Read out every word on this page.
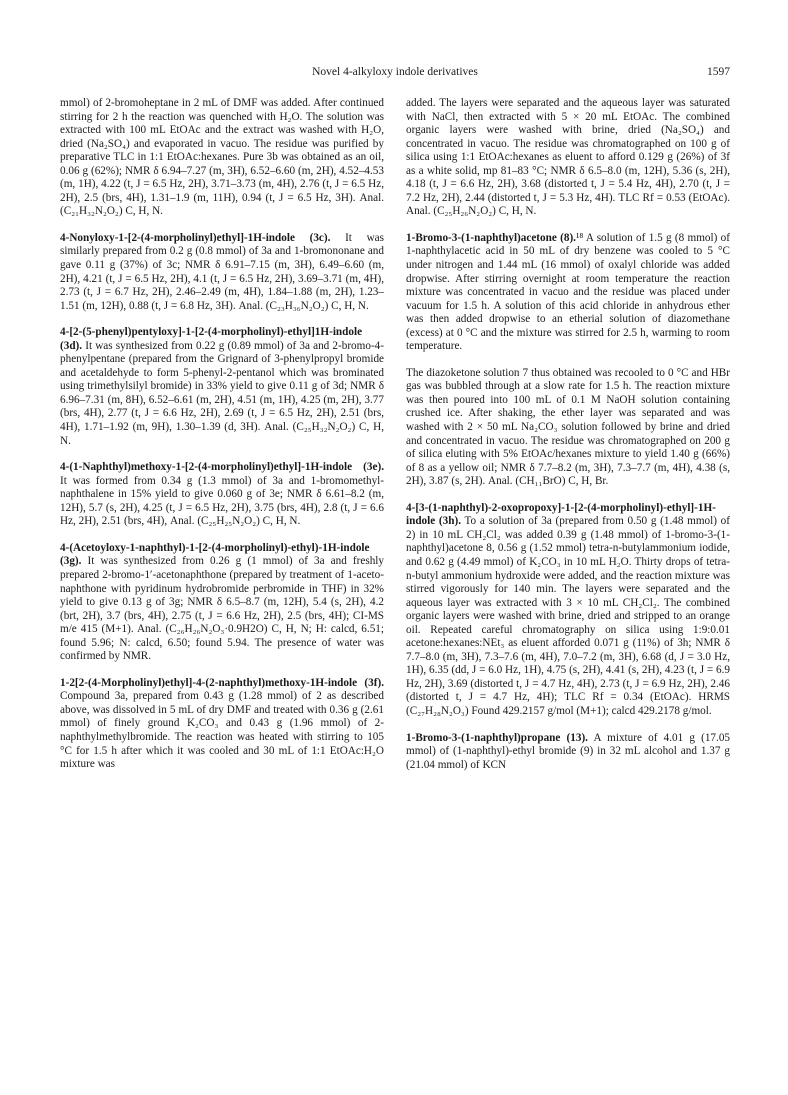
Novel 4-alkyloxy indole derivatives	1597

mmol) of 2-bromoheptane in 2 mL of DMF was added. After continued stirring for 2 h the reaction was quenched with H₂O. The solution was extracted with 100 mL EtOAc and the extract was washed with H₂O, dried (Na₂SO₄) and evaporated in vacuo. The residue was purified by preparative TLC in 1:1 EtOAc:hexanes. Pure 3b was obtained as an oil, 0.06 g (62%); NMR δ 6.94–7.27 (m, 3H), 6.52–6.60 (m, 2H), 4.52–4.53 (m, 1H), 4.22 (t, J = 6.5 Hz, 2H), 3.71–3.73 (m, 4H), 2.76 (t, J = 6.5 Hz, 2H), 2.5 (brs, 4H), 1.31–1.9 (m, 11H), 0.94 (t, J = 6.5 Hz, 3H). Anal. (C₂₁H₃₂N₂O₂) C, H, N.

4-Nonyloxy-1-[2-(4-morpholinyl)ethyl]-1H-indole (3c). It was similarly prepared from 0.2 g (0.8 mmol) of 3a and 1-bromononane and gave 0.11 g (37%) of 3c; NMR δ 6.91–7.15 (m, 3H), 6.49–6.60 (m, 2H), 4.21 (t, J = 6.5 Hz, 2H), 4.1 (t, J = 6.5 Hz, 2H), 3.69–3.71 (m, 4H), 2.73 (t, J = 6.7 Hz, 2H), 2.46–2.49 (m, 4H), 1.84–1.88 (m, 2H), 1.23–1.51 (m, 12H), 0.88 (t, J = 6.8 Hz, 3H). Anal. (C₂₃H₃₆N₂O₂) C, H, N.

4-[2-(5-phenyl)pentyloxy]-1-[2-(4-morpholinyl)-ethyl]1H-indole (3d). It was synthesized from 0.22 g (0.89 mmol) of 3a and 2-bromo-4-phenylpentane (prepared from the Grignard of 3-phenylpropyl bromide and acetaldehyde to form 5-phenyl-2-pentanol which was brominated using trimethylsilyl bromide) in 33% yield to give 0.11 g of 3d; NMR δ 6.96–7.31 (m, 8H), 6.52–6.61 (m, 2H), 4.51 (m, 1H), 4.25 (m, 2H), 3.77 (brs, 4H), 2.77 (t, J = 6.6 Hz, 2H), 2.69 (t, J = 6.5 Hz, 2H), 2.51 (brs, 4H), 1.71–1.92 (m, 9H), 1.30–1.39 (d, 3H). Anal. (C₂₅H₃₂N₂O₂) C, H, N.

4-(1-Naphthyl)methoxy-1-[2-(4-morpholinyl)ethyl]-1H-indole (3e). It was formed from 0.34 g (1.3 mmol) of 3a and 1-bromomethyl-naphthalene in 15% yield to give 0.060 g of 3e; NMR δ 6.61–8.2 (m, 12H), 5.7 (s, 2H), 4.25 (t, J = 6.5 Hz, 2H), 3.75 (brs, 4H), 2.8 (t, J = 6.6 Hz, 2H), 2.51 (brs, 4H), Anal. (C₂₅H₂₅N₂O₂) C, H, N.

4-(Acetoyloxy-1-naphthyl)-1-[2-(4-morpholinyl)-ethyl)-1H-indole (3g). It was synthesized from 0.26 g (1 mmol) of 3a and freshly prepared 2-bromo-1′-acetonaphthone (prepared by treatment of 1-aceto-naphthone with pyridinum hydrobromide perbromide in THF) in 32% yield to give 0.13 g of 3g; NMR δ 6.5–8.7 (m, 12H), 5.4 (s, 2H), 4.2 (brt, 2H), 3.7 (brs, 4H), 2.75 (t, J = 6.6 Hz, 2H), 2.5 (brs, 4H); CI-MS m/e 415 (M+1). Anal. (C₂₆H₂₆N₂O₃·0.9H2O) C, H, N; H: calcd, 6.51; found 5.96; N: calcd, 6.50; found 5.94. The presence of water was confirmed by NMR.

1-2[2-(4-Morpholinyl)ethyl]-4-(2-naphthyl)methoxy-1H-indole (3f). Compound 3a, prepared from 0.43 g (1.28 mmol) of 2 as described above, was dissolved in 5 mL of dry DMF and treated with 0.36 g (2.61 mmol) of finely ground K₂CO₃ and 0.43 g (1.96 mmol) of 2-naphthylmethylbromide. The reaction was heated with stirring to 105 °C for 1.5 h after which it was cooled and 30 mL of 1:1 EtOAc:H₂O mixture was

added. The layers were separated and the aqueous layer was saturated with NaCl, then extracted with 5 × 20 mL EtOAc. The combined organic layers were washed with brine, dried (Na₂SO₄) and concentrated in vacuo. The residue was chromatographed on 100 g of silica using 1:1 EtOAc:hexanes as eluent to afford 0.129 g (26%) of 3f as a white solid, mp 81–83 °C; NMR δ 6.5–8.0 (m, 12H), 5.36 (s, 2H), 4.18 (t, J = 6.6 Hz, 2H), 3.68 (distorted t, J = 5.4 Hz, 4H), 2.70 (t, J = 7.2 Hz, 2H), 2.44 (distorted t, J = 5.3 Hz, 4H). TLC Rf = 0.53 (EtOAc). Anal. (C₂₅H₂₆N₂O₂) C, H, N.

1-Bromo-3-(1-naphthyl)acetone (8).¹⁸ A solution of 1.5 g (8 mmol) of 1-naphthylacetic acid in 50 mL of dry benzene was cooled to 5 °C under nitrogen and 1.44 mL (16 mmol) of oxalyl chloride was added dropwise. After stirring overnight at room temperature the reaction mixture was concentrated in vacuo and the residue was placed under vacuum for 1.5 h. A solution of this acid chloride in anhydrous ether was then added dropwise to an etherial solution of diazomethane (excess) at 0 °C and the mixture was stirred for 2.5 h, warming to room temperature.

The diazoketone solution 7 thus obtained was recooled to 0 °C and HBr gas was bubbled through at a slow rate for 1.5 h. The reaction mixture was then poured into 100 mL of 0.1 M NaOH solution containing crushed ice. After shaking, the ether layer was separated and was washed with 2 × 50 mL Na₂CO₃ solution followed by brine and dried and concentrated in vacuo. The residue was chromatographed on 200 g of silica eluting with 5% EtOAc/hexanes mixture to yield 1.40 g (66%) of 8 as a yellow oil; NMR δ 7.7–8.2 (m, 3H), 7.3–7.7 (m, 4H), 4.38 (s, 2H), 3.87 (s, 2H). Anal. (CH₁₁BrO) C, H, Br.

4-[3-(1-naphthyl)-2-oxopropoxy]-1-[2-(4-morpholinyl)-ethyl]-1H-indole (3h). To a solution of 3a (prepared from 0.50 g (1.48 mmol) of 2) in 10 mL CH₂Cl₂ was added 0.39 g (1.48 mmol) of 1-bromo-3-(1-naphthyl)acetone 8, 0.56 g (1.52 mmol) tetra-n-butylammonium iodide, and 0.62 g (4.49 mmol) of K₂CO₃ in 10 mL H₂O. Thirty drops of tetra-n-butyl ammonium hydroxide were added, and the reaction mixture was stirred vigorously for 140 min. The layers were separated and the aqueous layer was extracted with 3 × 10 mL CH₂Cl₂. The combined organic layers were washed with brine, dried and stripped to an orange oil. Repeated careful chromatography on silica using 1:9:0.01 acetone:hexanes:NEt₃ as eluent afforded 0.071 g (11%) of 3h; NMR δ 7.7–8.0 (m, 3H), 7.3–7.6 (m, 4H), 7.0–7.2 (m, 3H), 6.68 (d, J = 3.0 Hz, 1H), 6.35 (dd, J = 6.0 Hz, 1H), 4.75 (s, 2H), 4.41 (s, 2H), 4.23 (t, J = 6.9 Hz, 2H), 3.69 (distorted t, J = 4.7 Hz, 4H), 2.73 (t, J = 6.9 Hz, 2H), 2.46 (distorted t, J = 4.7 Hz, 4H); TLC Rf = 0.34 (EtOAc). HRMS (C₂₇H₂₈N₂O₃) Found 429.2157 g/mol (M+1); calcd 429.2178 g/mol.

1-Bromo-3-(1-naphthyl)propane (13). A mixture of 4.01 g (17.05 mmol) of (1-naphthyl)-ethyl bromide (9) in 32 mL alcohol and 1.37 g (21.04 mmol) of KCN
